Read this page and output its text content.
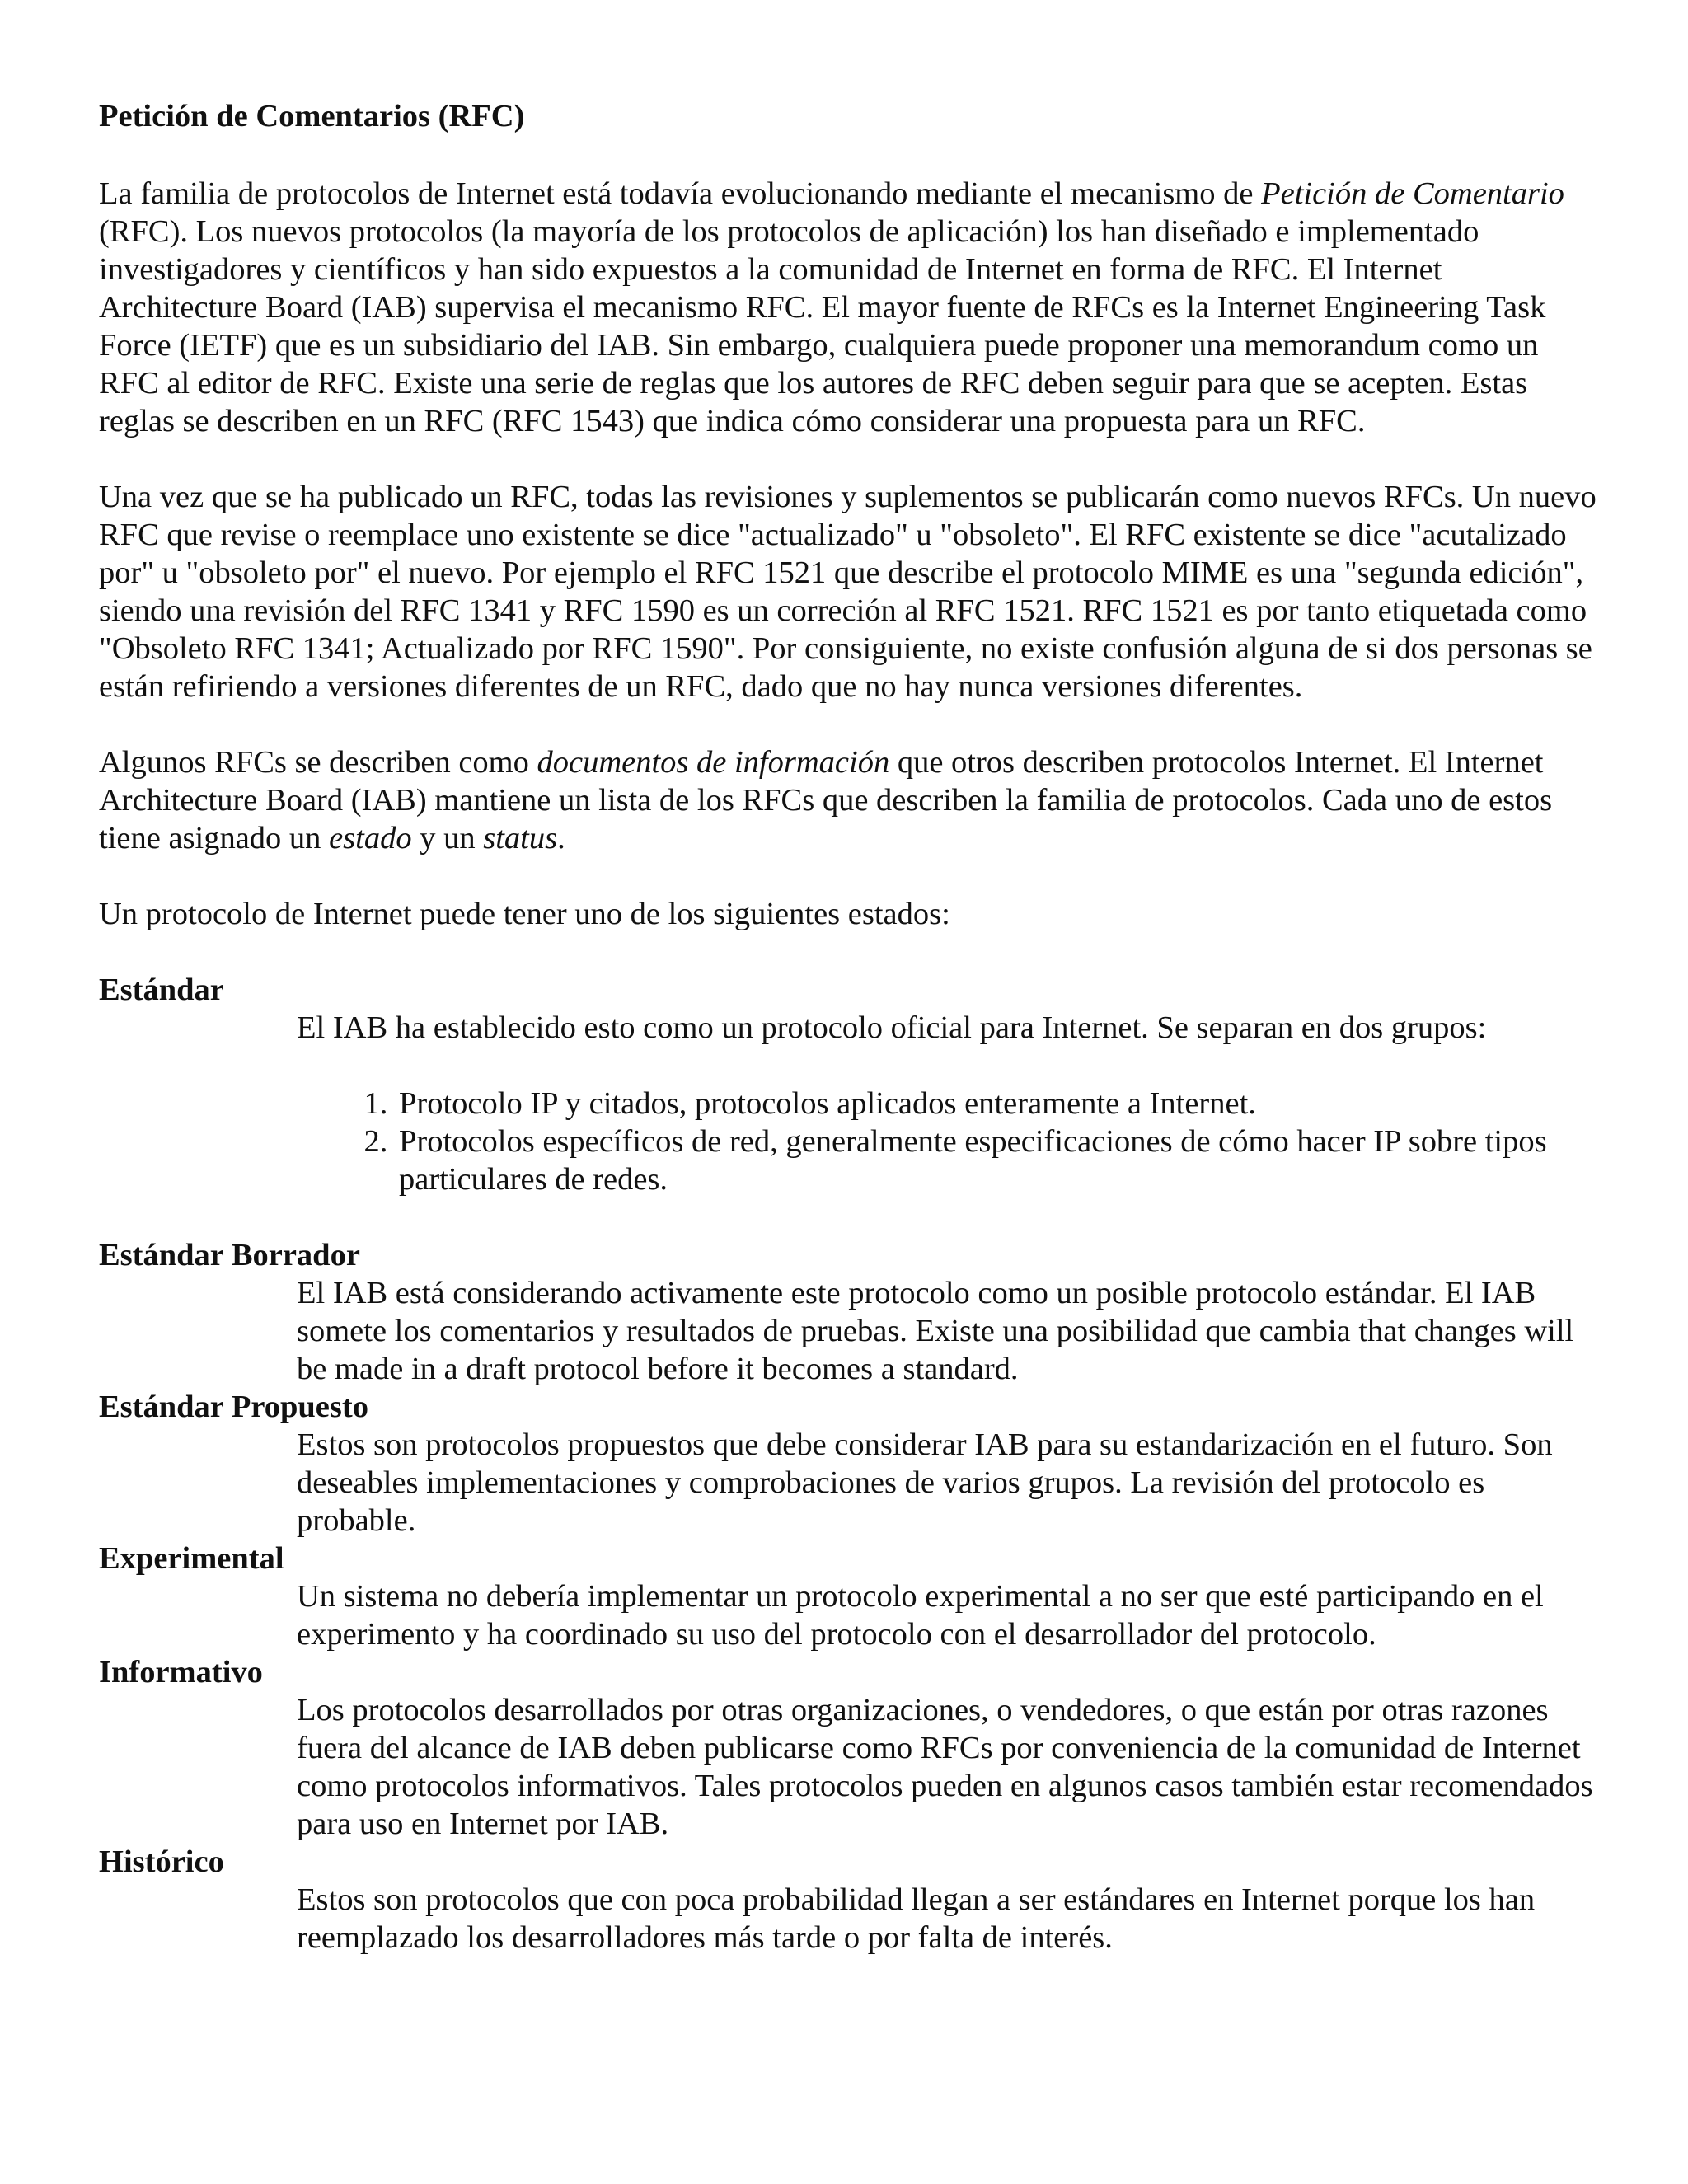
Petición de Comentarios (RFC)

La familia de protocolos de Internet está todavía evolucionando mediante el mecanismo de Petición de Comentario (RFC). Los nuevos protocolos (la mayoría de los protocolos de aplicación) los han diseñado e implementado investigadores y científicos y han sido expuestos a la comunidad de Internet en forma de RFC. El Internet Architecture Board (IAB) supervisa el mecanismo RFC. El mayor fuente de RFCs es la Internet Engineering Task Force (IETF) que es un subsidiario del IAB. Sin embargo, cualquiera puede proponer una memorandum como un RFC al editor de RFC. Existe una serie de reglas que los autores de RFC deben seguir para que se acepten. Estas reglas se describen en un RFC (RFC 1543) que indica cómo considerar una propuesta para un RFC.

Una vez que se ha publicado un RFC, todas las revisiones y suplementos se publicarán como nuevos RFCs. Un nuevo RFC que revise o reemplace uno existente se dice "actualizado" u "obsoleto". El RFC existente se dice "acutalizado por" u "obsoleto por" el nuevo. Por ejemplo el RFC 1521 que describe el protocolo MIME es una "segunda edición", siendo una revisión del RFC 1341 y RFC 1590 es un correción al RFC 1521. RFC 1521 es por tanto etiquetada como "Obsoleto RFC 1341; Actualizado por RFC 1590". Por consiguiente, no existe confusión alguna de si dos personas se están refiriendo a versiones diferentes de un RFC, dado que no hay nunca versiones diferentes.

Algunos RFCs se describen como documentos de información que otros describen protocolos Internet. El Internet Architecture Board (IAB) mantiene un lista de los RFCs que describen la familia de protocolos. Cada uno de estos tiene asignado un estado y un status.

Un protocolo de Internet puede tener uno de los siguientes estados:

Estándar
El IAB ha establecido esto como un protocolo oficial para Internet. Se separan en dos grupos:
1. Protocolo IP y citados, protocolos aplicados enteramente a Internet.
2. Protocolos específicos de red, generalmente especificaciones de cómo hacer IP sobre tipos particulares de redes.
Estándar Borrador
El IAB está considerando activamente este protocolo como un posible protocolo estándar. El IAB somete los comentarios y resultados de pruebas. Existe una posibilidad que cambia that changes will be made in a draft protocol before it becomes a standard.
Estándar Propuesto
Estos son protocolos propuestos que debe considerar IAB para su estandarización en el futuro. Son deseables implementaciones y comprobaciones de varios grupos. La revisión del protocolo es probable.
Experimental
Un sistema no debería implementar un protocolo experimental a no ser que esté participando en el experimento y ha coordinado su uso del protocolo con el desarrollador del protocolo.
Informativo
Los protocolos desarrollados por otras organizaciones, o vendedores, o que están por otras razones fuera del alcance de IAB deben publicarse como RFCs por conveniencia de la comunidad de Internet como protocolos informativos. Tales protocolos pueden en algunos casos también estar recomendados para uso en Internet por IAB.
Histórico
Estos son protocolos que con poca probabilidad llegan a ser estándares en Internet porque los han reemplazado los desarrolladores más tarde o por falta de interés.
